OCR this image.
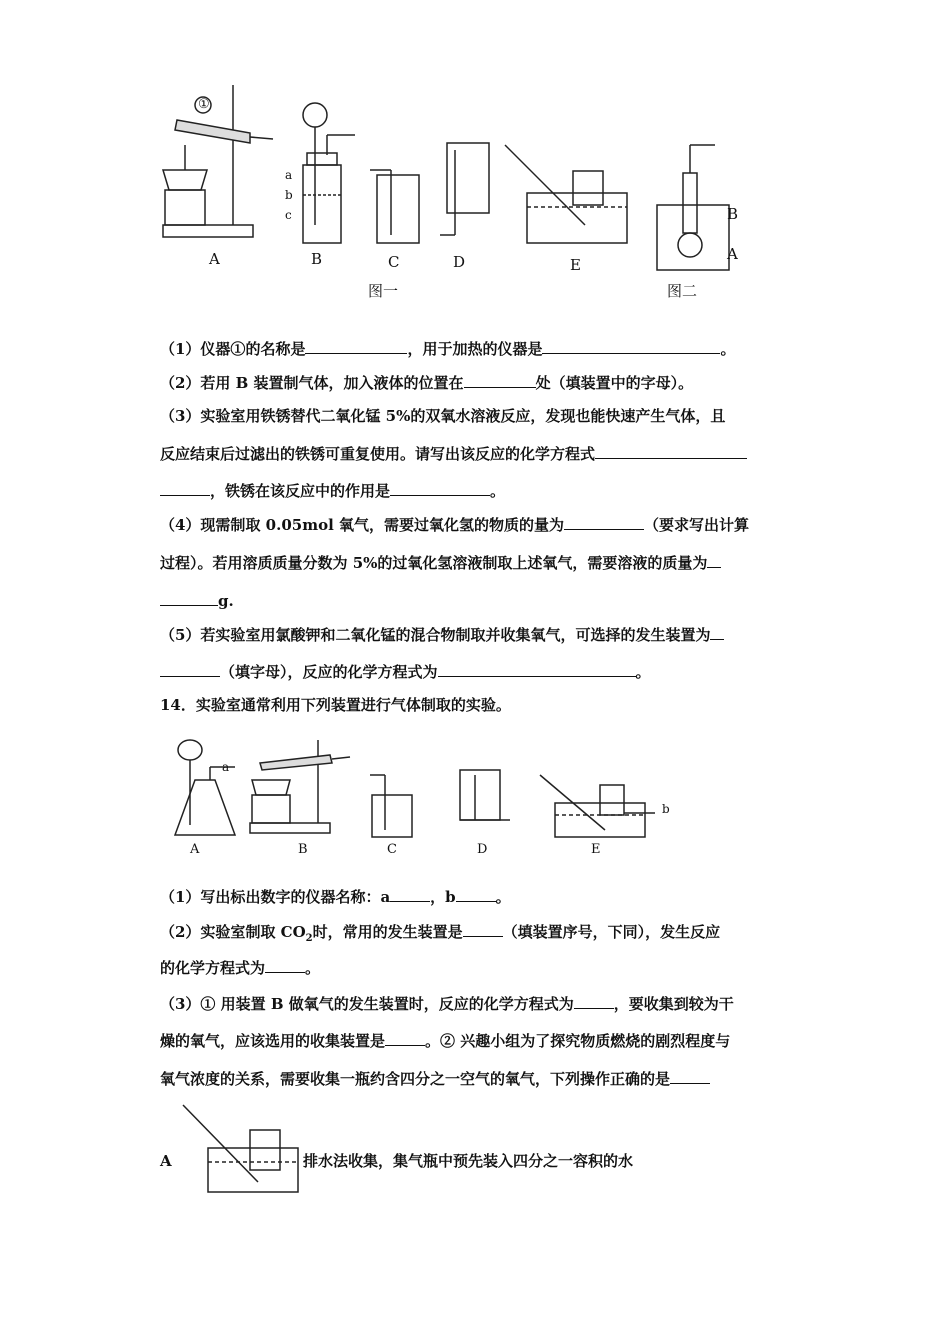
A	B	C	D	E
a
b
c
①
图一	图二
B
A
（1）仪器①的名称是	，用于加热的仪器是	。
（2）若用 B 装置制气体，加入液体的位置在	处（填装置中的字母）。
（3）实验室用铁锈替代二氧化锰 5%的双氧水溶液反应，发现也能快速产生气体，且
反应结束后过滤出的铁锈可重复使用。请写出该反应的化学方程式
，铁锈在该反应中的作用是	。
（4）现需制取 0.05mol 氧气，需要过氧化氢的物质的量为	（要求写出计算
过程）。若用溶质质量分数为 5%的过氧化氢溶液制取上述氧气，需要溶液的质量为
g.
（5）若实验室用氯酸钾和二氧化锰的混合物制取并收集氧气，可选择的发生装置为
（填字母），反应的化学方程式为	。
14．实验室通常利用下列装置进行气体制取的实验。
A	B	C	D	E
a
b
（1）写出标出数字的仪器名称：a	，b	。
（2）实验室制取 $CO_2$时，常用的发生装置是	（填装置序号，下同），发生反应
的化学方程式为	。
（3）① 用装置 B 做氧气的发生装置时，反应的化学方程式为	，要收集到较为干
燥的氧气，应该选用的收集装置是	。② 兴趣小组为了探究物质燃烧的剧烈程度与
氧气浓度的关系，需要收集一瓶约含四分之一空气的氧气，下列操作正确的是
A	排水法收集，集气瓶中预先装入四分之一容积的水
